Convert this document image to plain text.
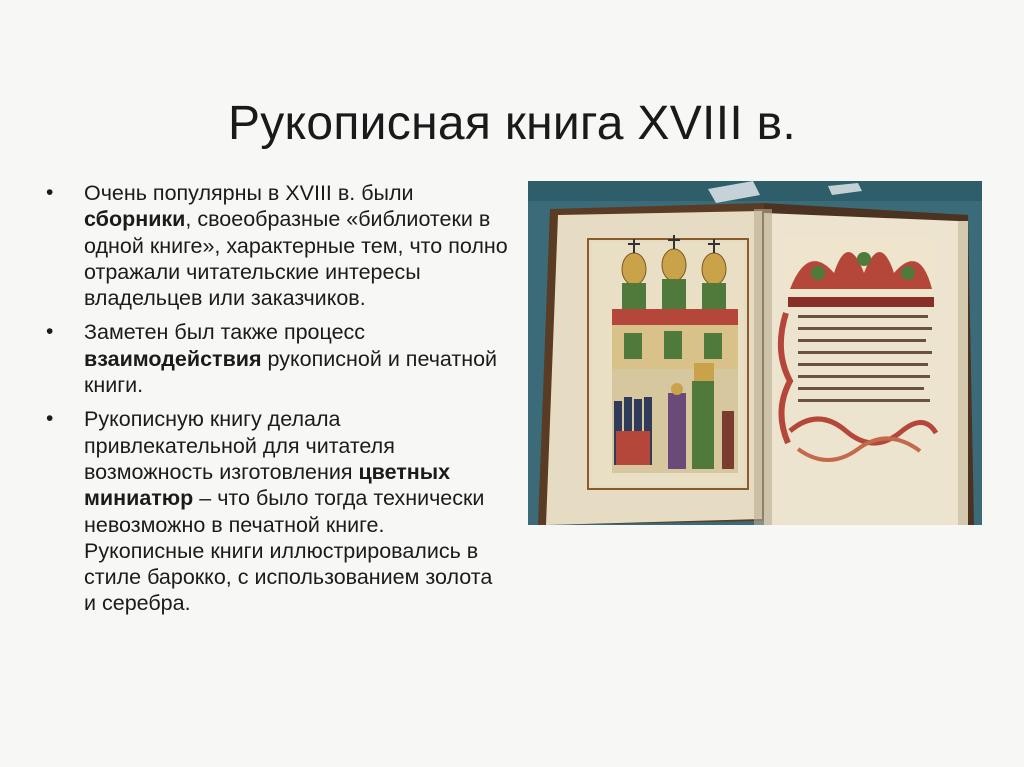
Рукописная книга XVIII в.
• Очень популярны в XVIII в. были сборники, своеобразные «библиотеки в одной книге», характерные тем, что полно отражали читательские интересы владельцев или заказчиков.
• Заметен был также процесс взаимодействия рукописной и печатной книги.
• Рукописную книгу делала привлекательной для читателя возможность изготовления цветных миниатюр – что было тогда технически невозможно в печатной книге. Рукописные книги иллюстрировались в стиле барокко, с использованием золота и серебра.
